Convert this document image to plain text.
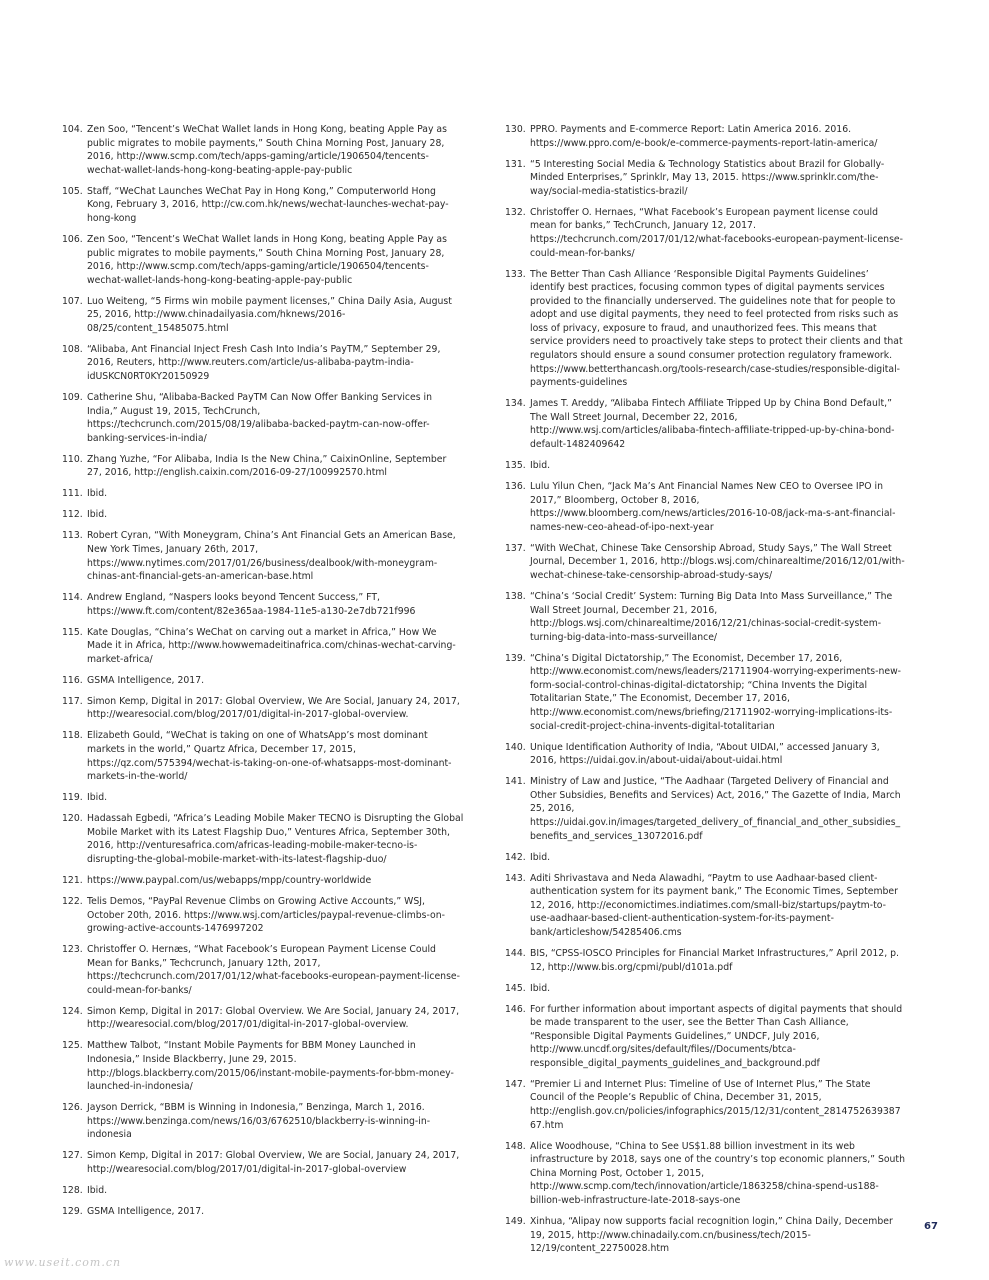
104. Zen Soo, “Tencent’s WeChat Wallet lands in Hong Kong, beating Apple Pay as public migrates to mobile payments,” South China Morning Post, January 28, 2016, http://www.scmp.com/tech/apps-gaming/article/1906504/tencents-wechat-wallet-lands-hong-kong-beating-apple-pay-public
105. Staff, “WeChat Launches WeChat Pay in Hong Kong,” Computerworld Hong Kong, February 3, 2016, http://cw.com.hk/news/wechat-launches-wechat-pay-hong-kong
106. Zen Soo, “Tencent’s WeChat Wallet lands in Hong Kong, beating Apple Pay as public migrates to mobile payments,” South China Morning Post, January 28, 2016, http://www.scmp.com/tech/apps-gaming/article/1906504/tencents-wechat-wallet-lands-hong-kong-beating-apple-pay-public
107. Luo Weiteng, “5 Firms win mobile payment licenses,” China Daily Asia, August 25, 2016, http://www.chinadailyasia.com/hknews/2016-08/25/content_15485075.html
108. “Alibaba, Ant Financial Inject Fresh Cash Into India’s PayTM,” September 29, 2016, Reuters, http://www.reuters.com/article/us-alibaba-paytm-india-idUSKCN0RT0KY20150929
109. Catherine Shu, “Alibaba-Backed PayTM Can Now Offer Banking Services in India,” August 19, 2015, TechCrunch, https://techcrunch.com/2015/08/19/alibaba-backed-paytm-can-now-offer-banking-services-in-india/
110. Zhang Yuzhe, “For Alibaba, India Is the New China,” CaixinOnline, September 27, 2016, http://english.caixin.com/2016-09-27/100992570.html
111. Ibid.
112. Ibid.
113. Robert Cyran, “With Moneygram, China’s Ant Financial Gets an American Base, New York Times, January 26th, 2017, https://www.nytimes.com/2017/01/26/business/dealbook/with-moneygram-chinas-ant-financial-gets-an-american-base.html
114. Andrew England, “Naspers looks beyond Tencent Success,” FT, https://www.ft.com/content/82e365aa-1984-11e5-a130-2e7db721f996
115. Kate Douglas, “China’s WeChat on carving out a market in Africa,” How We Made it in Africa, http://www.howwemadeitinafrica.com/chinas-wechat-carving-market-africa/
116. GSMA Intelligence, 2017.
117. Simon Kemp, Digital in 2017: Global Overview, We Are Social, January 24, 2017, http://wearesocial.com/blog/2017/01/digital-in-2017-global-overview.
118. Elizabeth Gould, “WeChat is taking on one of WhatsApp’s most dominant markets in the world,” Quartz Africa, December 17, 2015, https://qz.com/575394/wechat-is-taking-on-one-of-whatsapps-most-dominant-markets-in-the-world/
119. Ibid.
120. Hadassah Egbedi, “Africa’s Leading Mobile Maker TECNO is Disrupting the Global Mobile Market with its Latest Flagship Duo,” Ventures Africa, September 30th, 2016, http://venturesafrica.com/africas-leading-mobile-maker-tecno-is-disrupting-the-global-mobile-market-with-its-latest-flagship-duo/
121. https://www.paypal.com/us/webapps/mpp/country-worldwide
122. Telis Demos, “PayPal Revenue Climbs on Growing Active Accounts,” WSJ, October 20th, 2016. https://www.wsj.com/articles/paypal-revenue-climbs-on-growing-active-accounts-1476997202
123. Christoffer O. Hernæs, “What Facebook’s European Payment License Could Mean for Banks,” Techcrunch, January 12th, 2017, https://techcrunch.com/2017/01/12/what-facebooks-european-payment-license-could-mean-for-banks/
124. Simon Kemp, Digital in 2017: Global Overview. We Are Social, January 24, 2017, http://wearesocial.com/blog/2017/01/digital-in-2017-global-overview.
125. Matthew Talbot, “Instant Mobile Payments for BBM Money Launched in Indonesia,” Inside Blackberry, June 29, 2015. http://blogs.blackberry.com/2015/06/instant-mobile-payments-for-bbm-money-launched-in-indonesia/
126. Jayson Derrick, “BBM is Winning in Indonesia,” Benzinga, March 1, 2016. https://www.benzinga.com/news/16/03/6762510/blackberry-is-winning-in-indonesia
127. Simon Kemp, Digital in 2017: Global Overview, We are Social, January 24, 2017, http://wearesocial.com/blog/2017/01/digital-in-2017-global-overview
128. Ibid.
129. GSMA Intelligence, 2017.
130. PPRO. Payments and E-commerce Report: Latin America 2016. 2016. https://www.ppro.com/e-book/e-commerce-payments-report-latin-america/
131. “5 Interesting Social Media & Technology Statistics about Brazil for Globally-Minded Enterprises,” Sprinklr, May 13, 2015. https://www.sprinklr.com/the-way/social-media-statistics-brazil/
132. Christoffer O. Hernaes, “What Facebook’s European payment license could mean for banks,” TechCrunch, January 12, 2017. https://techcrunch.com/2017/01/12/what-facebooks-european-payment-license-could-mean-for-banks/
133. The Better Than Cash Alliance ‘Responsible Digital Payments Guidelines’ identify best practices, focusing common types of digital payments services provided to the financially underserved. The guidelines note that for people to adopt and use digital payments, they need to feel protected from risks such as loss of privacy, exposure to fraud, and unauthorized fees. This means that service providers need to proactively take steps to protect their clients and that regulators should ensure a sound consumer protection regulatory framework. https://www.betterthancash.org/tools-research/case-studies/responsible-digital-payments-guidelines
134. James T. Areddy, “Alibaba Fintech Affiliate Tripped Up by China Bond Default,” The Wall Street Journal, December 22, 2016, http://www.wsj.com/articles/alibaba-fintech-affiliate-tripped-up-by-china-bond-default-1482409642
135. Ibid.
136. Lulu Yilun Chen, “Jack Ma’s Ant Financial Names New CEO to Oversee IPO in 2017,” Bloomberg, October 8, 2016, https://www.bloomberg.com/news/articles/2016-10-08/jack-ma-s-ant-financial-names-new-ceo-ahead-of-ipo-next-year
137. “With WeChat, Chinese Take Censorship Abroad, Study Says,” The Wall Street Journal, December 1, 2016, http://blogs.wsj.com/chinarealtime/2016/12/01/with-wechat-chinese-take-censorship-abroad-study-says/
138. “China’s ‘Social Credit’ System: Turning Big Data Into Mass Surveillance,” The Wall Street Journal, December 21, 2016, http://blogs.wsj.com/chinarealtime/2016/12/21/chinas-social-credit-system-turning-big-data-into-mass-surveillance/
139. “China’s Digital Dictatorship,” The Economist, December 17, 2016, http://www.economist.com/news/leaders/21711904-worrying-experiments-new-form-social-control-chinas-digital-dictatorship; “China Invents the Digital Totalitarian State,” The Economist, December 17, 2016, http://www.economist.com/news/briefing/21711902-worrying-implications-its-social-credit-project-china-invents-digital-totalitarian
140. Unique Identification Authority of India, “About UIDAI,” accessed January 3, 2016, https://uidai.gov.in/about-uidai/about-uidai.html
141. Ministry of Law and Justice, “The Aadhaar (Targeted Delivery of Financial and Other Subsidies, Benefits and Services) Act, 2016,” The Gazette of India, March 25, 2016, https://uidai.gov.in/images/targeted_delivery_of_financial_and_other_subsidies_benefits_and_services_13072016.pdf
142. Ibid.
143. Aditi Shrivastava and Neda Alawadhi, “Paytm to use Aadhaar-based client-authentication system for its payment bank,” The Economic Times, September 12, 2016, http://economictimes.indiatimes.com/small-biz/startups/paytm-to-use-aadhaar-based-client-authentication-system-for-its-payment-bank/articleshow/54285406.cms
144. BIS, “CPSS-IOSCO Principles for Financial Market Infrastructures,” April 2012, p. 12, http://www.bis.org/cpmi/publ/d101a.pdf
145. Ibid.
146. For further information about important aspects of digital payments that should be made transparent to the user, see the Better Than Cash Alliance, “Responsible Digital Payments Guidelines,” UNDCF, July 2016, http://www.uncdf.org/sites/default/files//Documents/btca-responsible_digital_payments_guidelines_and_background.pdf
147. “Premier Li and Internet Plus: Timeline of Use of Internet Plus,” The State Council of the People’s Republic of China, December 31, 2015, http://english.gov.cn/policies/infographics/2015/12/31/content_281475263938767.htm
148. Alice Woodhouse, “China to See US$1.88 billion investment in its web infrastructure by 2018, says one of the country’s top economic planners,” South China Morning Post, October 1, 2015, http://www.scmp.com/tech/innovation/article/1863258/china-spend-us188-billion-web-infrastructure-late-2018-says-one
149. Xinhua, “Alipay now supports facial recognition login,” China Daily, December 19, 2015, http://www.chinadaily.com.cn/business/tech/2015-12/19/content_22750028.htm
67
www.useit.com.cn
